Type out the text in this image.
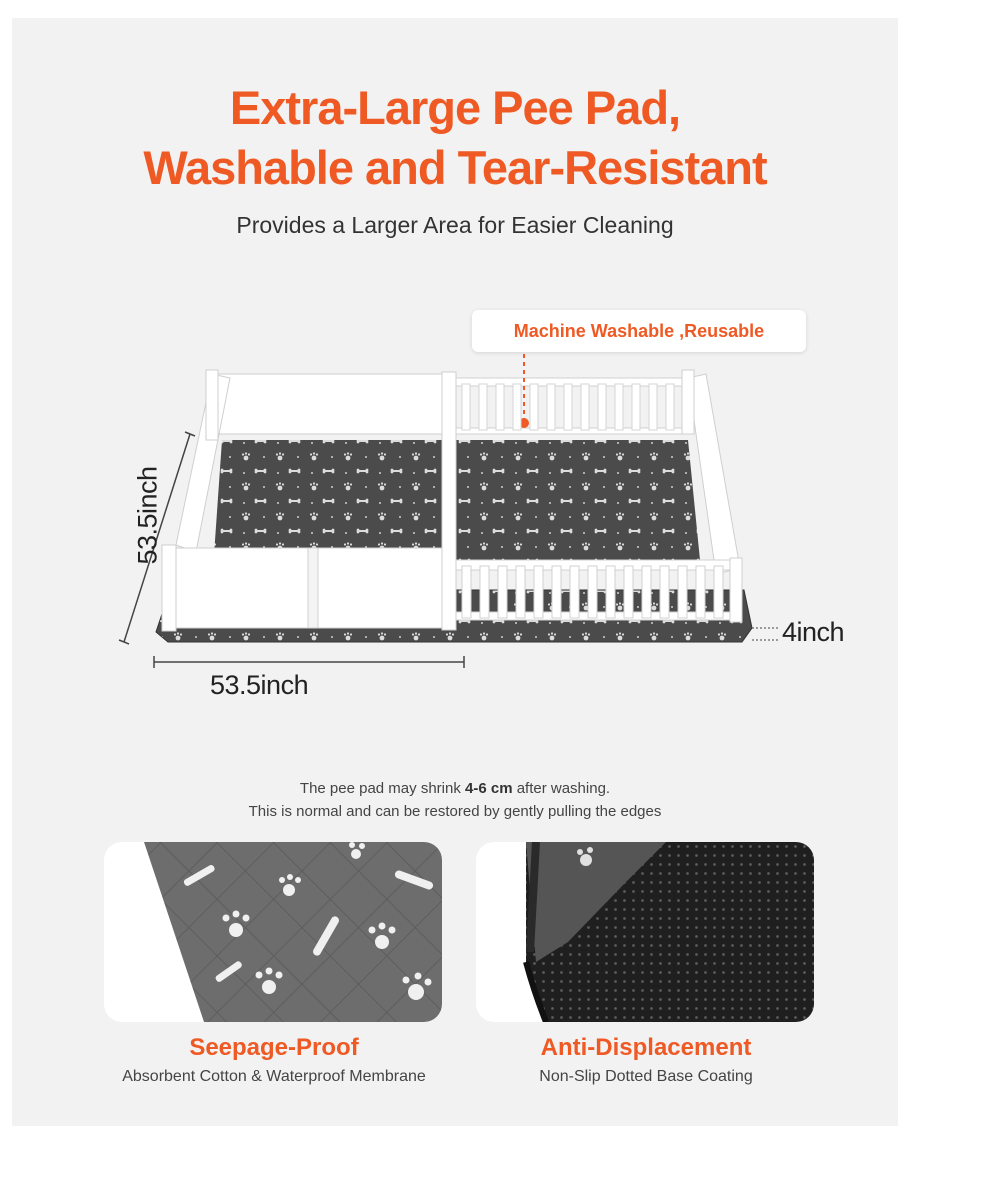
Extra-Large Pee Pad,
Washable and Tear-Resistant
Provides a Larger Area for Easier Cleaning
Machine Washable ,Reusable
53.5inch
53.5inch
4inch
The pee pad may shrink 4-6 cm after washing.
This is normal and can be restored by gently pulling the edges
Seepage-Proof
Absorbent Cotton & Waterproof Membrane
Anti-Displacement
Non-Slip Dotted Base Coating
